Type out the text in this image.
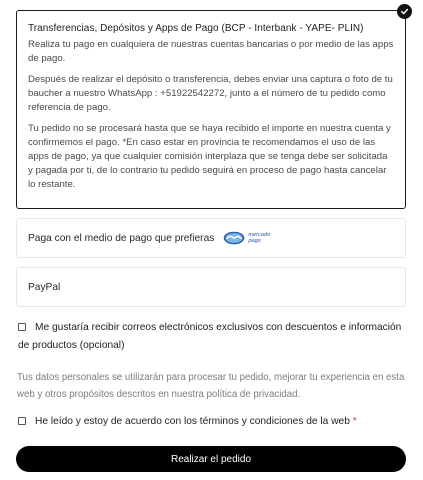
Transferencias, Depósitos y Apps de Pago (BCP - Interbank - YAPE- PLIN)

Realiza tu pago en cualquiera de nuestras cuentas bancarias o por medio de las apps de pago.

Después de realizar el depósito o transferencia, debes enviar una captura o foto de tu baucher a nuestro WhatsApp : +51922542272, junto a el número de tu pedido como referencia de pago.

Tu pedido no se procesará hasta que se haya recibido el importe en nuestra cuenta y confirmemos el pago. *En caso estar en provincia te recomendamos el uso de las apps de pago, ya que cualquier comisión interplaza que se tenga debe ser solicitada y pagada por ti, de lo contrario tu pedido seguirá en proceso de pago hasta cancelar lo restante.

Paga con el medio de pago que prefieras	mercado
pago
PayPal
Me gustaría recibir correos electrónicos exclusivos con descuentos e información de productos (opcional)
Tus datos personales se utilizarán para procesar tu pedido, mejorar tu experiencia en esta web y otros propósitos descritos en nuestra política de privacidad.
He leído y estoy de acuerdo con los términos y condiciones de la web *
Realizar el pedido
